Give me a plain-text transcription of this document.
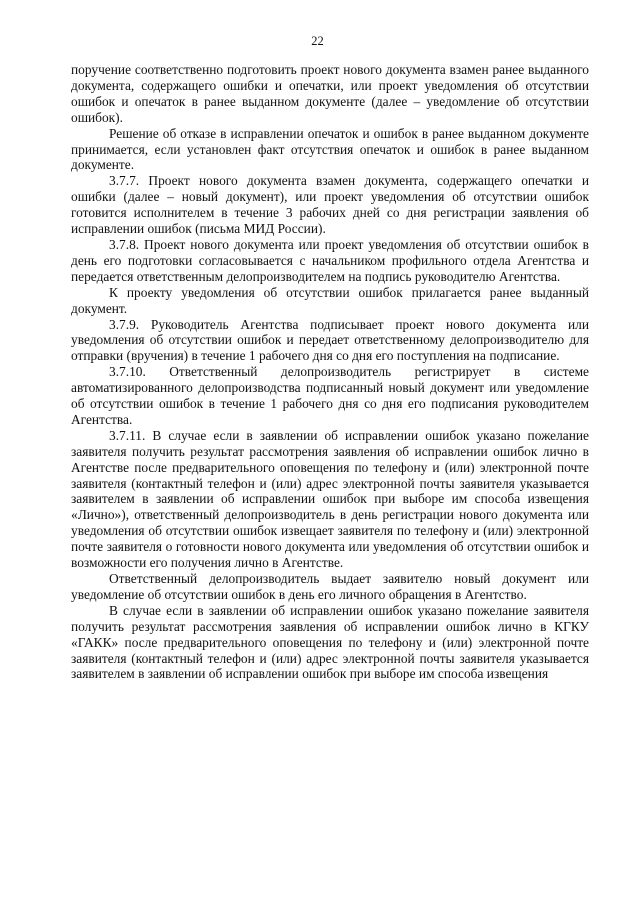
22

поручение соответственно подготовить проект нового документа взамен ранее выданного документа, содержащего ошибки и опечатки, или проект уведомления об отсутствии ошибок и опечаток в ранее выданном документе (далее – уведомление об отсутствии ошибок).

Решение об отказе в исправлении опечаток и ошибок в ранее выданном документе принимается, если установлен факт отсутствия опечаток и ошибок в ранее выданном документе.

3.7.7. Проект нового документа взамен документа, содержащего опечатки и ошибки (далее – новый документ), или проект уведомления об отсутствии ошибок готовится исполнителем в течение 3 рабочих дней со дня регистрации заявления об исправлении ошибок (письма МИД России).

3.7.8. Проект нового документа или проект уведомления об отсутствии ошибок в день его подготовки согласовывается с начальником профильного отдела Агентства и передается ответственным делопроизводителем на подпись руководителю Агентства.

К проекту уведомления об отсутствии ошибок прилагается ранее выданный документ.

3.7.9. Руководитель Агентства подписывает проект нового документа или уведомления об отсутствии ошибок и передает ответственному делопроизводителю для отправки (вручения) в течение 1 рабочего дня со дня его поступления на подписание.

3.7.10. Ответственный делопроизводитель регистрирует в системе автоматизированного делопроизводства подписанный новый документ или уведомление об отсутствии ошибок в течение 1 рабочего дня со дня его подписания руководителем Агентства.

3.7.11. В случае если в заявлении об исправлении ошибок указано пожелание заявителя получить результат рассмотрения заявления об исправлении ошибок лично в Агентстве после предварительного оповещения по телефону и (или) электронной почте заявителя (контактный телефон и (или) адрес электронной почты заявителя указывается заявителем в заявлении об исправлении ошибок при выборе им способа извещения «Лично»), ответственный делопроизводитель в день регистрации нового документа или уведомления об отсутствии ошибок извещает заявителя по телефону и (или) электронной почте заявителя о готовности нового документа или уведомления об отсутствии ошибок и возможности его получения лично в Агентстве.

Ответственный делопроизводитель выдает заявителю новый документ или уведомление об отсутствии ошибок в день его личного обращения в Агентство.

В случае если в заявлении об исправлении ошибок указано пожелание заявителя получить результат рассмотрения заявления об исправлении ошибок лично в КГКУ «ГАКК» после предварительного оповещения по телефону и (или) электронной почте заявителя (контактный телефон и (или) адрес электронной почты заявителя указывается заявителем в заявлении об исправлении ошибок при выборе им способа извещения
